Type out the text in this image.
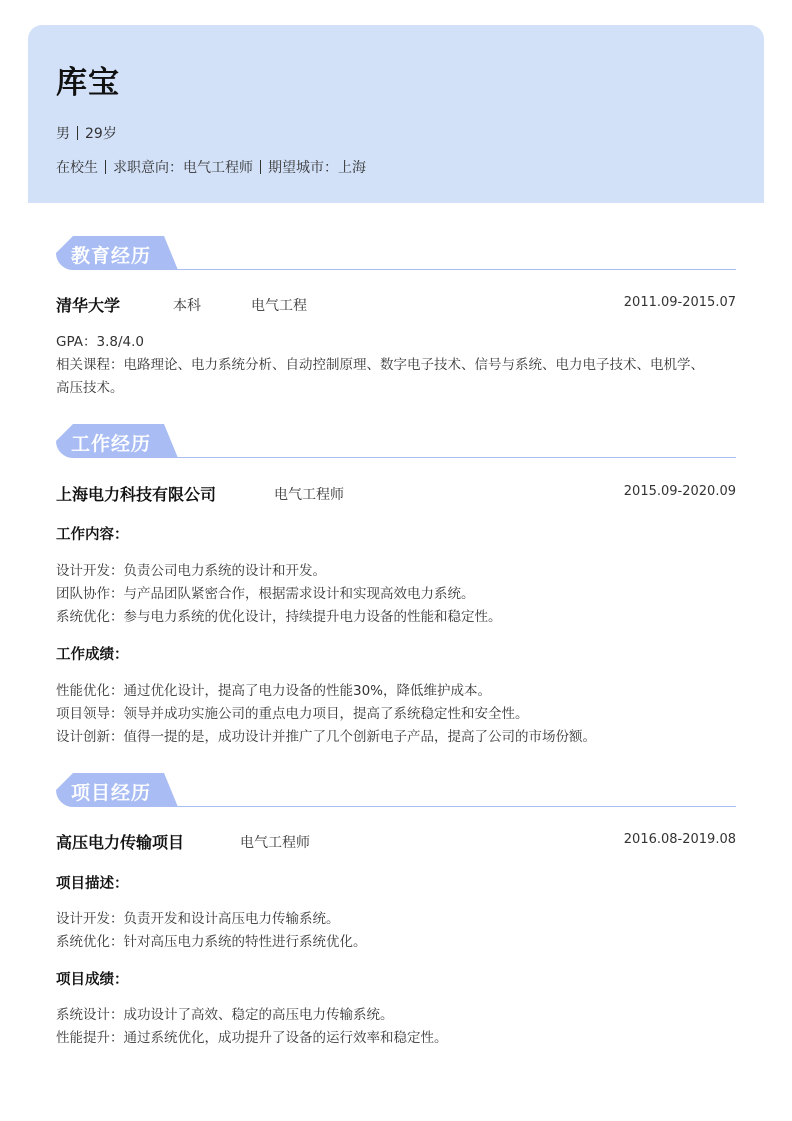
库宝
男 29岁
在校生 求职意向：电气工程师 期望城市：上海
教育经历
清华大学	本科	电气工程	2011.09-2015.07
GPA：3.8/4.0
相关课程：电路理论、电力系统分析、自动控制原理、数字电子技术、信号与系统、电力电子技术、电机学、
高压技术。
工作经历
上海电力科技有限公司	电气工程师	2015.09-2020.09
工作内容：
设计开发：负责公司电力系统的设计和开发。
团队协作：与产品团队紧密合作，根据需求设计和实现高效电力系统。
系统优化：参与电力系统的优化设计，持续提升电力设备的性能和稳定性。
工作成绩：
性能优化：通过优化设计，提高了电力设备的性能30%，降低维护成本。
项目领导：领导并成功实施公司的重点电力项目，提高了系统稳定性和安全性。
设计创新：值得一提的是，成功设计并推广了几个创新电子产品，提高了公司的市场份额。
项目经历
高压电力传输项目	电气工程师	2016.08-2019.08
项目描述：
设计开发：负责开发和设计高压电力传输系统。
系统优化：针对高压电力系统的特性进行系统优化。
项目成绩：
系统设计：成功设计了高效、稳定的高压电力传输系统。
性能提升：通过系统优化，成功提升了设备的运行效率和稳定性。
